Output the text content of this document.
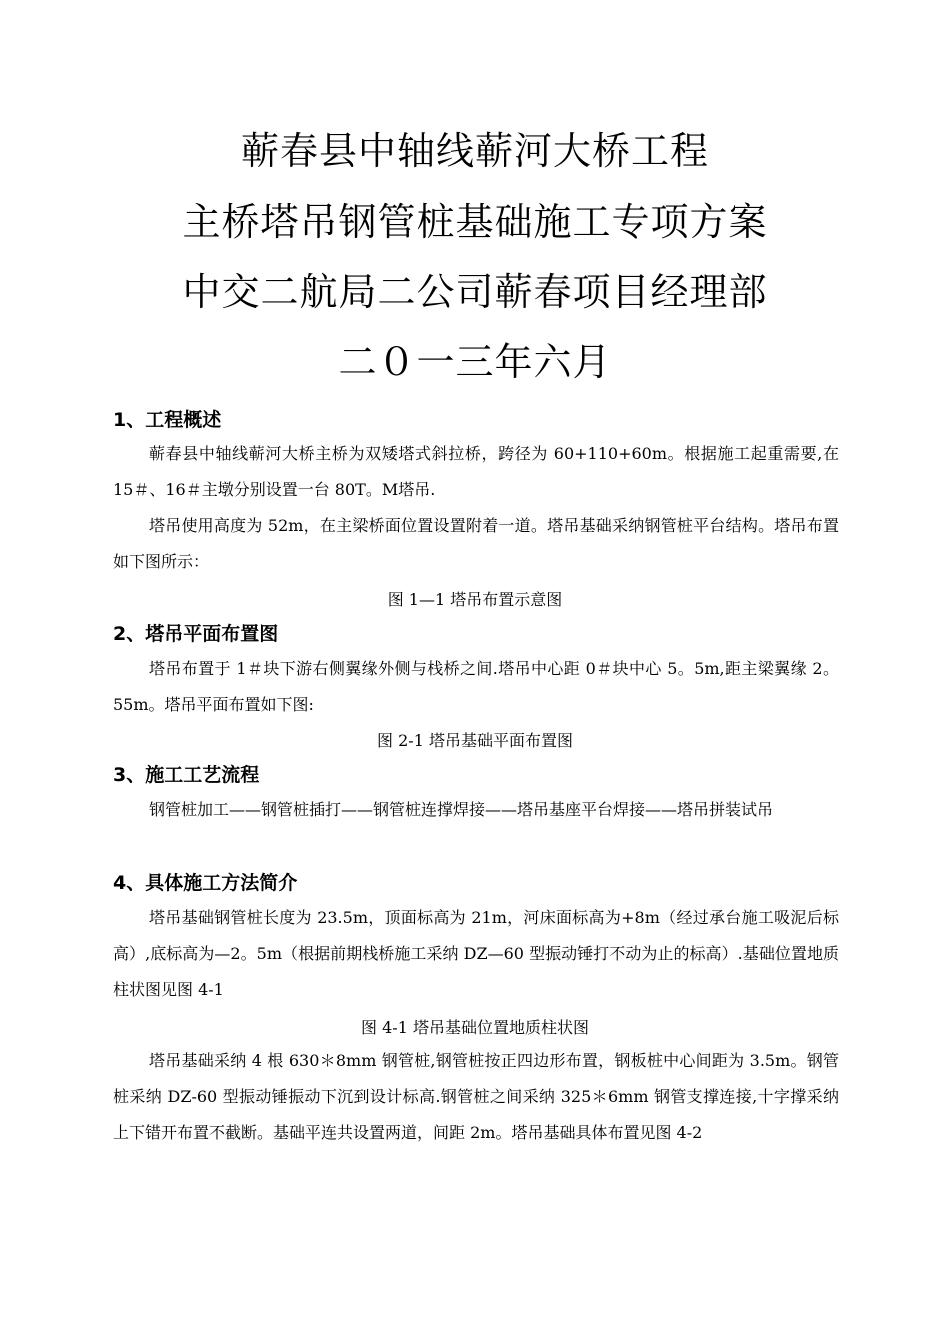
蕲春县中轴线蕲河大桥工程
主桥塔吊钢管桩基础施工专项方案
中交二航局二公司蕲春项目经理部
二０一三年六月
1、工程概述

蕲春县中轴线蕲河大桥主桥为双矮塔式斜拉桥，跨径为 60+110+60m。根据施工起重需要,在 15＃、16＃主墩分别设置一台 80T。M塔吊.

塔吊使用高度为 52m，在主梁桥面位置设置附着一道。塔吊基础采纳钢管桩平台结构。塔吊布置如下图所示：

图 1—1 塔吊布置示意图
2、塔吊平面布置图

塔吊布置于 1＃块下游右侧翼缘外侧与栈桥之间.塔吊中心距 0＃块中心 5。5m,距主梁翼缘 2。55m。塔吊平面布置如下图:

图 2-1 塔吊基础平面布置图
3、施工工艺流程

钢管桩加工——钢管桩插打——钢管桩连撑焊接——塔吊基座平台焊接——塔吊拼装试吊

4、具体施工方法简介

塔吊基础钢管桩长度为 23.5m，顶面标高为 21m，河床面标高为+8m（经过承台施工吸泥后标高）,底标高为—2。5m（根据前期栈桥施工采纳 DZ—60 型振动锤打不动为止的标高）.基础位置地质柱状图见图 4-1

图 4-1 塔吊基础位置地质柱状图

塔吊基础采纳 4 根 630＊8mm 钢管桩,钢管桩按正四边形布置，钢板桩中心间距为 3.5m。钢管桩采纳 DZ-60 型振动锤振动下沉到设计标高.钢管桩之间采纳 325＊6mm 钢管支撑连接,十字撑采纳上下错开布置不截断。基础平连共设置两道，间距 2m。塔吊基础具体布置见图 4-2
